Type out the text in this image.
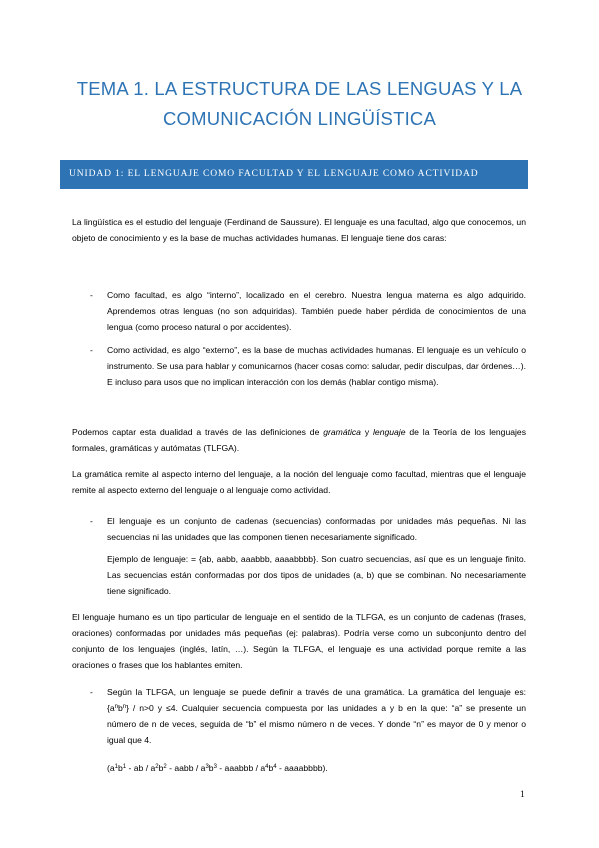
TEMA 1. LA ESTRUCTURA DE LAS LENGUAS Y LA
COMUNICACIÓN LINGÜÍSTICA
UNIDAD 1: EL LENGUAJE COMO FACULTAD Y EL LENGUAJE COMO ACTIVIDAD
La lingüística es el estudio del lenguaje (Ferdinand de Saussure). El lenguaje es una facultad, algo que conocemos, un objeto de conocimiento y es la base de muchas actividades humanas. El lenguaje tiene dos caras:
- Como facultad, es algo “interno”, localizado en el cerebro. Nuestra lengua materna es algo adquirido. Aprendemos otras lenguas (no son adquiridas). También puede haber pérdida de conocimientos de una lengua (como proceso natural o por accidentes).
- Como actividad, es algo “externo”, es la base de muchas actividades humanas. El lenguaje es un vehículo o instrumento. Se usa para hablar y comunicarnos (hacer cosas como: saludar, pedir disculpas, dar órdenes…). E incluso para usos que no implican interacción con los demás (hablar contigo misma).
Podemos captar esta dualidad a través de las definiciones de gramática y lenguaje de la Teoría de los lenguajes formales, gramáticas y autómatas (TLFGA).
La gramática remite al aspecto interno del lenguaje, a la noción del lenguaje como facultad, mientras que el lenguaje remite al aspecto externo del lenguaje o al lenguaje como actividad.
- El lenguaje es un conjunto de cadenas (secuencias) conformadas por unidades más pequeñas. Ni las secuencias ni las unidades que las componen tienen necesariamente significado.
Ejemplo de lenguaje: = {ab, aabb, aaabbb, aaaabbbb}. Son cuatro secuencias, así que es un lenguaje finito. Las secuencias están conformadas por dos tipos de unidades (a, b) que se combinan. No necesariamente tiene significado.
El lenguaje humano es un tipo particular de lenguaje en el sentido de la TLFGA, es un conjunto de cadenas (frases, oraciones) conformadas por unidades más pequeñas (ej: palabras). Podría verse como un subconjunto dentro del conjunto de los lenguajes (inglés, latín, …). Según la TLFGA, el lenguaje es una actividad porque remite a las oraciones o frases que los hablantes emiten.
- Según la TLFGA, un lenguaje se puede definir a través de una gramática. La gramática del lenguaje es: $\{a^nb^n\} / n>0$ y ≤4. Cualquier secuencia compuesta por las unidades a y b en la que: “a” se presente un número de n de veces, seguida de “b” el mismo número n de veces. Y donde “n” es mayor de 0 y menor o igual que 4.
($a^1b^1$ - ab / $a^2b^2$ - aabb / $a^3b^3$ - aaabbb / $a^4b^4$ - aaaabbbb).
1
